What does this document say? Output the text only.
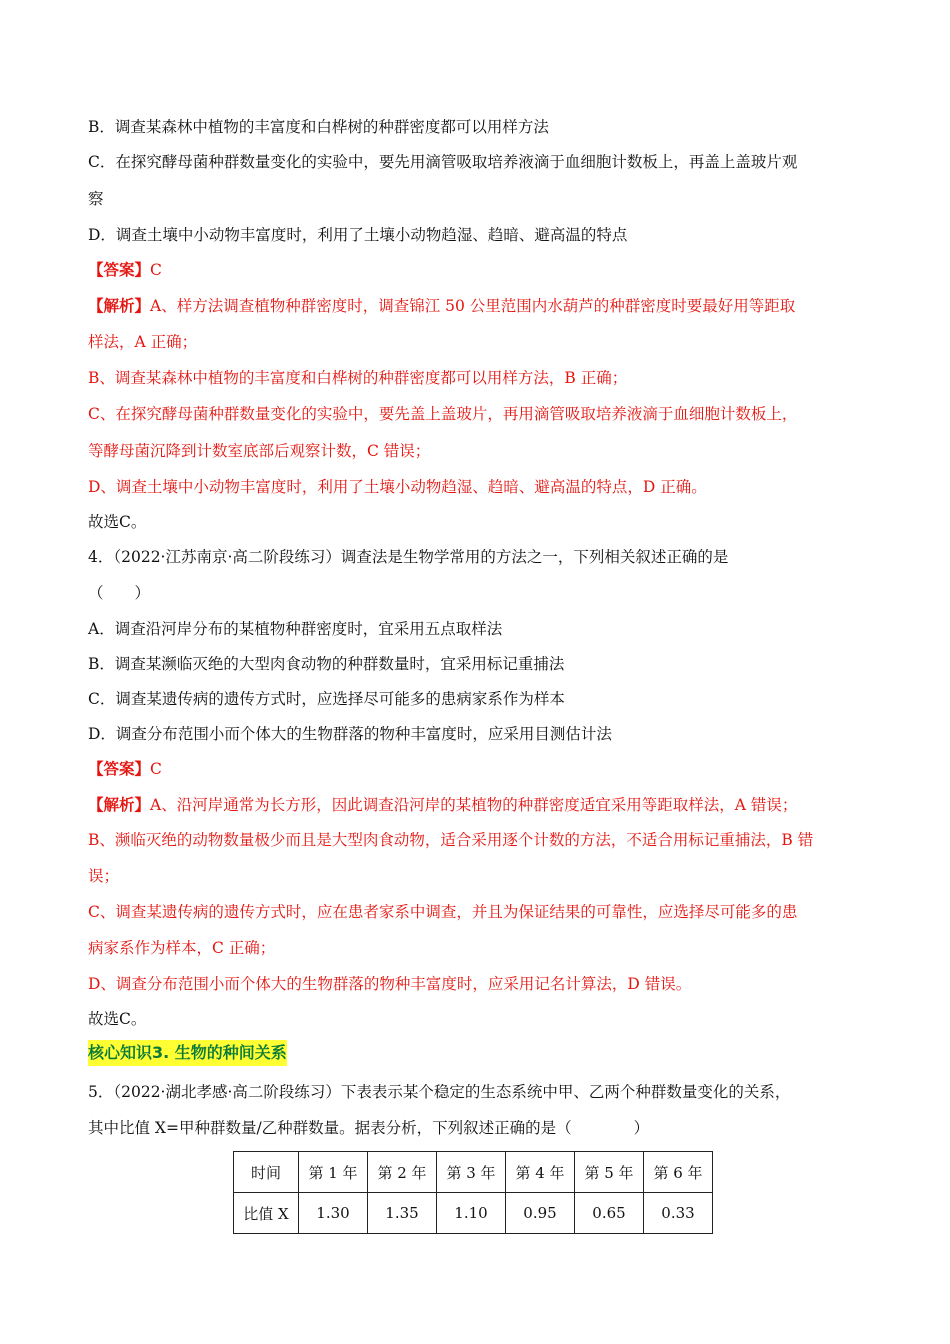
B．调查某森林中植物的丰富度和白桦树的种群密度都可以用样方法
C．在探究酵母菌种群数量变化的实验中，要先用滴管吸取培养液滴于血细胞计数板上，再盖上盖玻片观
察
D．调查土壤中小动物丰富度时，利用了土壤小动物趋湿、趋暗、避高温的特点
【答案】C
【解析】A、样方法调查植物种群密度时，调查锦江 50 公里范围内水葫芦的种群密度时要最好用等距取
样法，A 正确；
B、调查某森林中植物的丰富度和白桦树的种群密度都可以用样方法，B 正确；
C、在探究酵母菌种群数量变化的实验中，要先盖上盖玻片，再用滴管吸取培养液滴于血细胞计数板上，
等酵母菌沉降到计数室底部后观察计数，C 错误；
D、调查土壤中小动物丰富度时，利用了土壤小动物趋湿、趋暗、避高温的特点，D 正确。
故选C。
4．（2022·江苏南京·高二阶段练习）调查法是生物学常用的方法之一，下列相关叙述正确的是
（　　）
A．调查沿河岸分布的某植物种群密度时，宜采用五点取样法
B．调查某濒临灭绝的大型肉食动物的种群数量时，宜采用标记重捕法
C．调查某遗传病的遗传方式时，应选择尽可能多的患病家系作为样本
D．调查分布范围小而个体大的生物群落的物种丰富度时，应采用目测估计法
【答案】C
【解析】A、沿河岸通常为长方形，因此调查沿河岸的某植物的种群密度适宜采用等距取样法，A 错误；
B、濒临灭绝的动物数量极少而且是大型肉食动物，适合采用逐个计数的方法，不适合用标记重捕法，B 错
误；
C、调查某遗传病的遗传方式时，应在患者家系中调查，并且为保证结果的可靠性，应选择尽可能多的患
病家系作为样本，C 正确；
D、调查分布范围小而个体大的生物群落的物种丰富度时，应采用记名计算法，D 错误。
故选C。
核心知识3. 生物的种间关系
5．（2022·湖北孝感·高二阶段练习）下表表示某个稳定的生态系统中甲、乙两个种群数量变化的关系，
其中比值 X=甲种群数量/乙种群数量。据表分析，下列叙述正确的是（　　　　）
时间	第 1 年	第 2 年	第 3 年	第 4 年	第 5 年	第 6 年
比值 X	1.30	1.35	1.10	0.95	0.65	0.33
